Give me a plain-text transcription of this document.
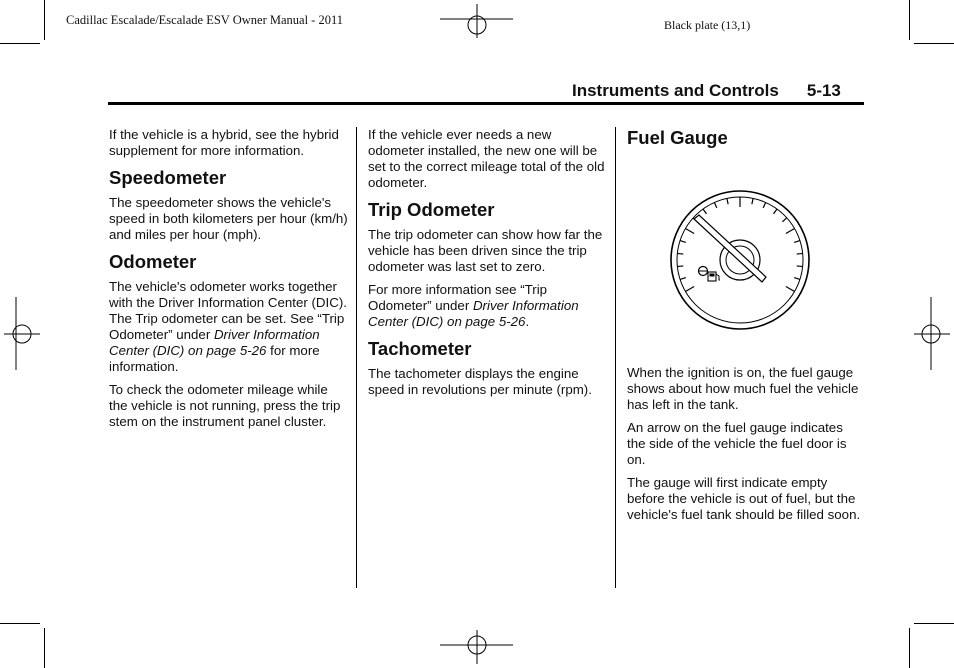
Cadillac Escalade/Escalade ESV Owner Manual - 2011	Black plate (13,1)
Instruments and Controls 5-13

If the vehicle is a hybrid, see the hybrid supplement for more information.

Speedometer

The speedometer shows the vehicle's speed in both kilometers per hour (km/h) and miles per hour (mph).

Odometer

The vehicle's odometer works together with the Driver Information Center (DIC). The Trip odometer can be set. See “Trip Odometer” under Driver Information Center (DIC) on page 5-26 for more information.

To check the odometer mileage while the vehicle is not running, press the trip stem on the instrument panel cluster.

If the vehicle ever needs a new odometer installed, the new one will be set to the correct mileage total of the old odometer.

Trip Odometer

The trip odometer can show how far the vehicle has been driven since the trip odometer was last set to zero.

For more information see “Trip Odometer” under Driver Information Center (DIC) on page 5-26.

Tachometer

The tachometer displays the engine speed in revolutions per minute (rpm).

Fuel Gauge

When the ignition is on, the fuel gauge shows about how much fuel the vehicle has left in the tank.

An arrow on the fuel gauge indicates the side of the vehicle the fuel door is on.

The gauge will first indicate empty before the vehicle is out of fuel, but the vehicle's fuel tank should be filled soon.
